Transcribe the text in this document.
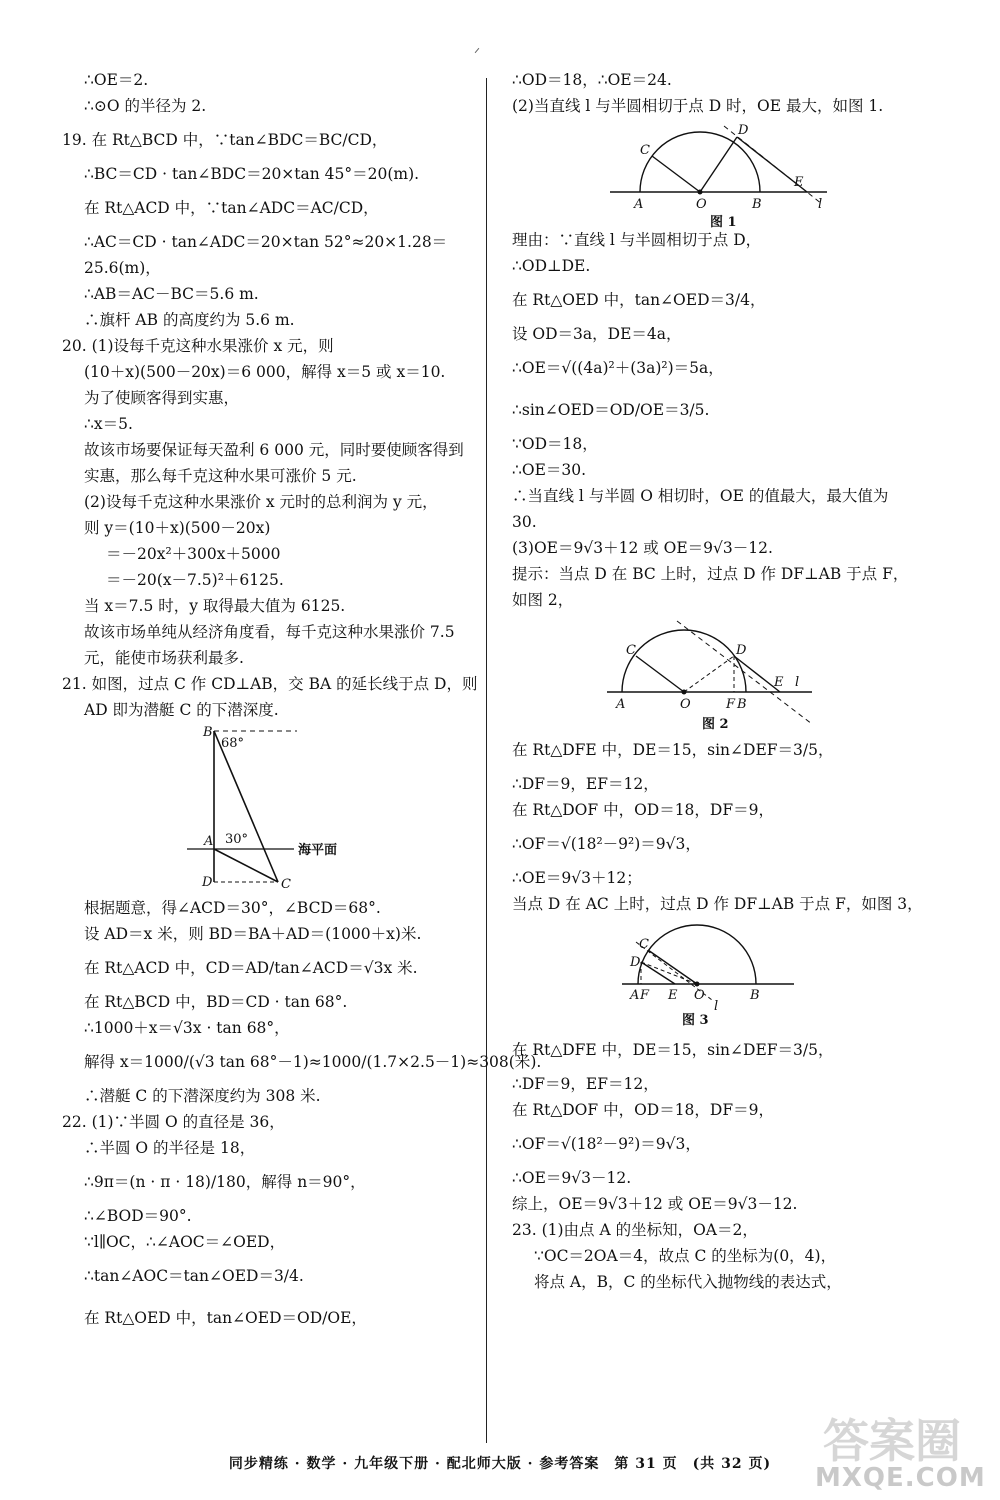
∴OE＝2.
∴⊙O 的半径为 2.
19. 在 Rt△BCD 中，∵tan∠BDC＝BC/CD，
∴BC＝CD · tan∠BDC＝20×tan 45°＝20(m).
在 Rt△ACD 中，∵tan∠ADC＝AC/CD，
∴AC＝CD · tan∠ADC＝20×tan 52°≈20×1.28＝
25.6(m)，
∴AB＝AC－BC＝5.6 m.
∴旗杆 AB 的高度约为 5.6 m.
20. (1)设每千克这种水果涨价 x 元，则
(10＋x)(500－20x)＝6 000，解得 x＝5 或 x＝10.
为了使顾客得到实惠，
∴x＝5.
故该市场要保证每天盈利 6 000 元，同时要使顾客得到
实惠，那么每千克这种水果可涨价 5 元.
(2)设每千克这种水果涨价 x 元时的总利润为 y 元，
则 y＝(10＋x)(500－20x)
＝－20x²＋300x＋5000
＝－20(x－7.5)²＋6125.
当 x＝7.5 时，y 取得最大值为 6125.
故该市场单纯从经济角度看，每千克这种水果涨价 7.5
元，能使市场获利最多.
21. 如图，过点 C 作 CD⊥AB，交 BA 的延长线于点 D，则
AD 即为潜艇 C 的下潜深度.
B
68°
A 30°
海平面
D	C
根据题意，得∠ACD＝30°，∠BCD＝68°.
设 AD＝x 米，则 BD＝BA＋AD＝(1000＋x)米.
在 Rt△ACD 中，CD＝AD/tan∠ACD＝√3x 米.
在 Rt△BCD 中，BD＝CD · tan 68°.
∴1000＋x＝√3x · tan 68°，
解得 x＝1000/(√3 tan 68°－1)≈1000/(1.7×2.5－1)≈308(米).
∴潜艇 C 的下潜深度约为 308 米.
22. (1)∵半圆 O 的直径是 36，
∴半圆 O 的半径是 18，
∴9π＝(n · π · 18)/180，解得 n＝90°，
∴∠BOD＝90°.
∵l∥OC，∴∠AOC＝∠OED，
∴tan∠AOC＝tan∠OED＝3/4.
在 Rt△OED 中，tan∠OED＝OD/OE，
∴OD＝18，∴OE＝24.
(2)当直线 l 与半圆相切于点 D 时，OE 最大，如图 1.
C
D
A	O	B
E
l
图 1
理由：∵直线 l 与半圆相切于点 D，
∴OD⊥DE.
在 Rt△OED 中，tan∠OED＝3/4，
设 OD＝3a，DE＝4a，
∴OE＝√((4a)²＋(3a)²)＝5a，
∴sin∠OED＝OD/OE＝3/5.
∵OD＝18，
∴OE＝30.
∴当直线 l 与半圆 O 相切时，OE 的值最大，最大值为
30.
(3)OE＝9√3＋12 或 OE＝9√3－12.
提示：当点 D 在 BC 上时，过点 D 作 DF⊥AB 于点 F，
如图 2，
C	D
A	O	F B
E l
图 2
在 Rt△DFE 中，DE＝15，sin∠DEF＝3/5，
∴DF＝9，EF＝12，
在 Rt△DOF 中，OD＝18，DF＝9，
∴OF＝√(18²－9²)＝9√3，
∴OE＝9√3＋12；
当点 D 在 AC 上时，过点 D 作 DF⊥AB 于点 F，如图 3，
C
D
A F E O	B
l
图 3
在 Rt△DFE 中，DE＝15，sin∠DEF＝3/5，
∴DF＝9，EF＝12，
在 Rt△DOF 中，OD＝18，DF＝9，
∴OF＝√(18²－9²)＝9√3，
∴OE＝9√3－12.
综上，OE＝9√3＋12 或 OE＝9√3－12.
23. (1)由点 A 的坐标知，OA＝2，
∵OC＝2OA＝4，故点 C 的坐标为(0，4)，
将点 A，B，C 的坐标代入抛物线的表达式，
同步精练 · 数学 · 九年级下册 · 配北师大版 · 参考答案　第 31 页　(共 32 页)	答案圈
MXQE.COM
